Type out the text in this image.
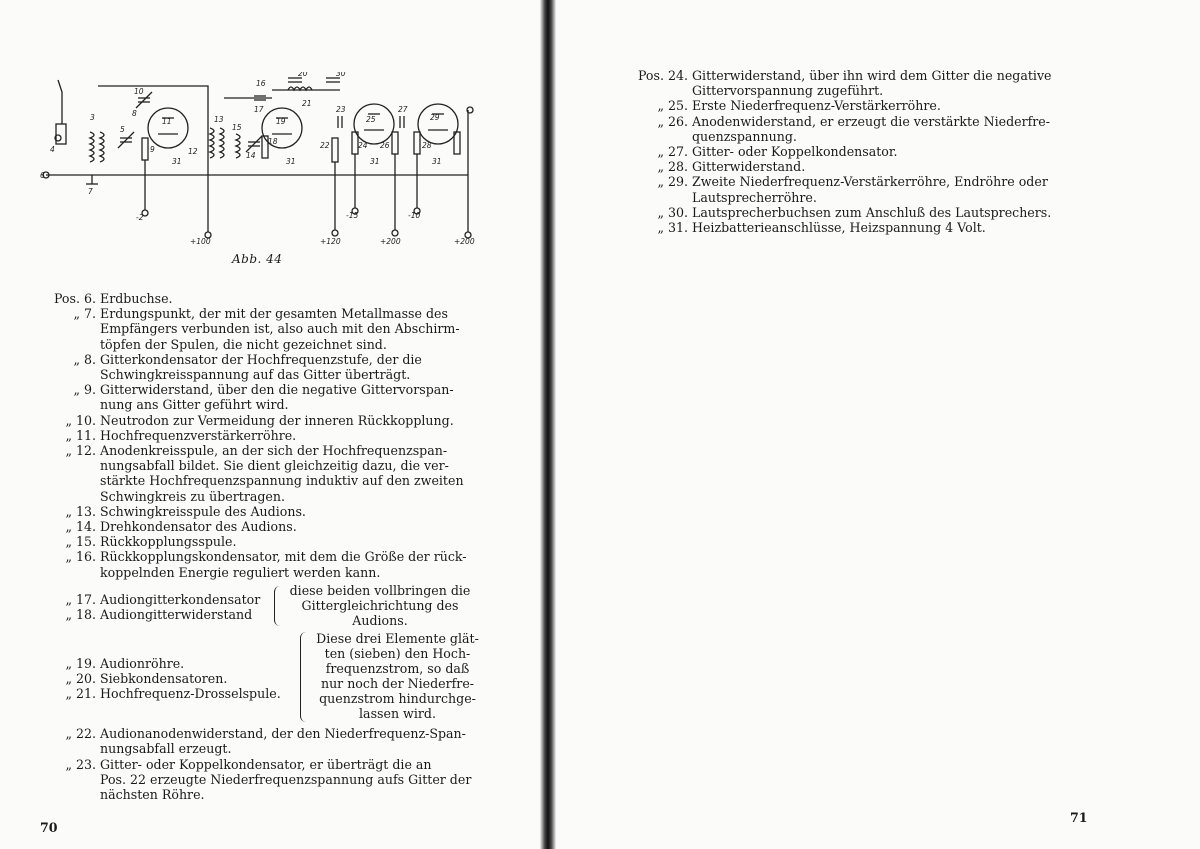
3
4
5
6
7
8
9
10
11
12
13
14
15
16
17
18
19
20
21
22
23
24
25
26
27
28
29
30
31	31	31	31
-2	-15	-10
+100	+120	+200	+200
Abb. 44
Pos. 6. Erdbuchse.
„ 7. Erdungspunkt, der mit der gesamten Metallmasse des
Empfängers verbunden ist, also auch mit den Abschirm-
töpfen der Spulen, die nicht gezeichnet sind.
„ 8. Gitterkondensator der Hochfrequenzstufe, der die
Schwingkreisspannung auf das Gitter überträgt.
„ 9. Gitterwiderstand, über den die negative Gittervorspan-
nung ans Gitter geführt wird.
„ 10. Neutrodon zur Vermeidung der inneren Rückkopplung.
„ 11. Hochfrequenzverstärkerröhre.
„ 12. Anodenkreisspule, an der sich der Hochfrequenzspan-
nungsabfall bildet. Sie dient gleichzeitig dazu, die ver-
stärkte Hochfrequenzspannung induktiv auf den zweiten
Schwingkreis zu übertragen.
„ 13. Schwingkreisspule des Audions.
„ 14. Drehkondensator des Audions.
„ 15. Rückkopplungsspule.
„ 16. Rückkopplungskondensator, mit dem die Größe der rück-
koppelnden Energie reguliert werden kann.
„ 17. Audiongitterkondensator
„ 18. Audiongitterwiderstand
diese beiden vollbringen die
Gittergleichrichtung des
Audions.
„ 19. Audionröhre.
„ 20. Siebkondensatoren.
„ 21. Hochfrequenz-Drosselspule.
Diese drei Elemente glät-
ten (sieben) den Hoch-
frequenzstrom, so daß
nur noch der Niederfre-
quenzstrom hindurchge-
lassen wird.
„ 22. Audionanodenwiderstand, der den Niederfrequenz-Span-
nungsabfall erzeugt.
„ 23. Gitter- oder Koppelkondensator, er überträgt die an
Pos. 22 erzeugte Niederfrequenzspannung aufs Gitter der
nächsten Röhre.
70
Pos. 24. Gitterwiderstand, über ihn wird dem Gitter die negative
Gittervorspannung zugeführt.
„ 25. Erste Niederfrequenz-Verstärkerröhre.
„ 26. Anodenwiderstand, er erzeugt die verstärkte Niederfre-
quenzspannung.
„ 27. Gitter- oder Koppelkondensator.
„ 28. Gitterwiderstand.
„ 29. Zweite Niederfrequenz-Verstärkerröhre, Endröhre oder
Lautsprecherröhre.
„ 30. Lautsprecherbuchsen zum Anschluß des Lautsprechers.
„ 31. Heizbatterieanschlüsse, Heizspannung 4 Volt.
71
